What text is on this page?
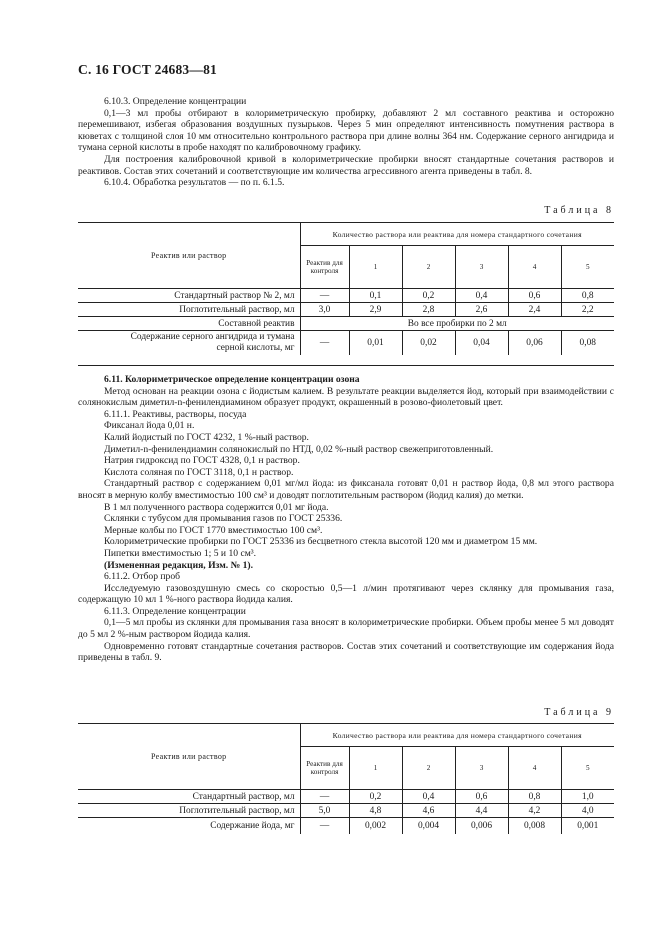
С. 16 ГОСТ 24683—81

6.10.3. Определение концентрации

0,1—3 мл пробы отбирают в колориметрическую пробирку, добавляют 2 мл составного реактива и осторожно перемешивают, избегая образования воздушных пузырьков. Через 5 мин определяют интенсивность помутнения раствора в кюветах с толщиной слоя 10 мм относительно контрольного раствора при длине волны 364 нм. Содержание серного ангидрида и тумана серной кислоты в пробе находят по калибровочному графику.

Для построения калибровочной кривой в колориметрические пробирки вносят стандартные сочетания растворов и реактивов. Состав этих сочетаний и соответствующие им количества агрессивного агента приведены в табл. 8.

6.10.4. Обработка результатов — по п. 6.1.5.

Таблица 8

Реактив или раствор	Количество раствора или реактива для номера стандартного сочетания					
	Реактив для контроля	1	2	3	4	5
Стандартный раствор № 2, мл	—	0,1	0,2	0,4	0,6	0,8
Поглотительный раствор, мл	3,0	2,9	2,8	2,6	2,4	2,2
Составной реактив	Во все пробирки по 2 мл					

Содержание серного ангидрида и тумана
серной кислоты, мг	—	0,01	0,02	0,04	0,06	0,08

6.11. Колориметрическое определение концентрации озона

Метод основан на реакции озона с йодистым калием. В результате реакции выделяется йод, который при взаимодействии с солянокислым диметил-n-фенилендиамином образует продукт, окрашенный в розово-фиолетовый цвет.

6.11.1. Реактивы, растворы, посуда

Фиксанал йода 0,01 н.

Калий йодистый по ГОСТ 4232, 1 %-ный раствор.

Диметил-n-фенилендиамин солянокислый по НТД, 0,02 %-ный раствор свежеприготовленный.

Натрия гидроксид по ГОСТ 4328, 0,1 н раствор.

Кислота соляная по ГОСТ 3118, 0,1 н раствор.

Стандартный раствор с содержанием 0,01 мг/мл йода: из фиксанала готовят 0,01 н раствор йода, 0,8 мл этого раствора вносят в мерную колбу вместимостью 100 см³ и доводят поглотительным раствором (йодид калия) до метки.

В 1 мл полученного раствора содержится 0,01 мг йода.

Склянки с тубусом для промывания газов по ГОСТ 25336.

Мерные колбы по ГОСТ 1770 вместимостью 100 см³.

Колориметрические пробирки по ГОСТ 25336 из бесцветного стекла высотой 120 мм и диаметром 15 мм.

Пипетки вместимостью 1; 5 и 10 см³.

(Измененная редакция, Изм. № 1).

6.11.2. Отбор проб

Исследуемую газовоздушную смесь со скоростью 0,5—1 л/мин протягивают через склянку для промывания газа, содержащую 10 мл 1 %-ного раствора йодида калия.

6.11.3. Определение концентрации

0,1—5 мл пробы из склянки для промывания газа вносят в колориметрические пробирки. Объем пробы менее 5 мл доводят до 5 мл 2 %-ным раствором йодида калия.

Одновременно готовят стандартные сочетания растворов. Состав этих сочетаний и соответствующие им содержания йода приведены в табл. 9.

Таблица 9

Реактив или раствор	Количество раствора или реактива для номера стандартного сочетания					
	Реактив для контроля	1	2	3	4	5
Стандартный раствор, мл	—	0,2	0,4	0,6	0,8	1,0
Поглотительный раствор, мл	5,0	4,8	4,6	4,4	4,2	4,0
Содержание йода, мг	—	0,002	0,004	0,006	0,008	0,001
